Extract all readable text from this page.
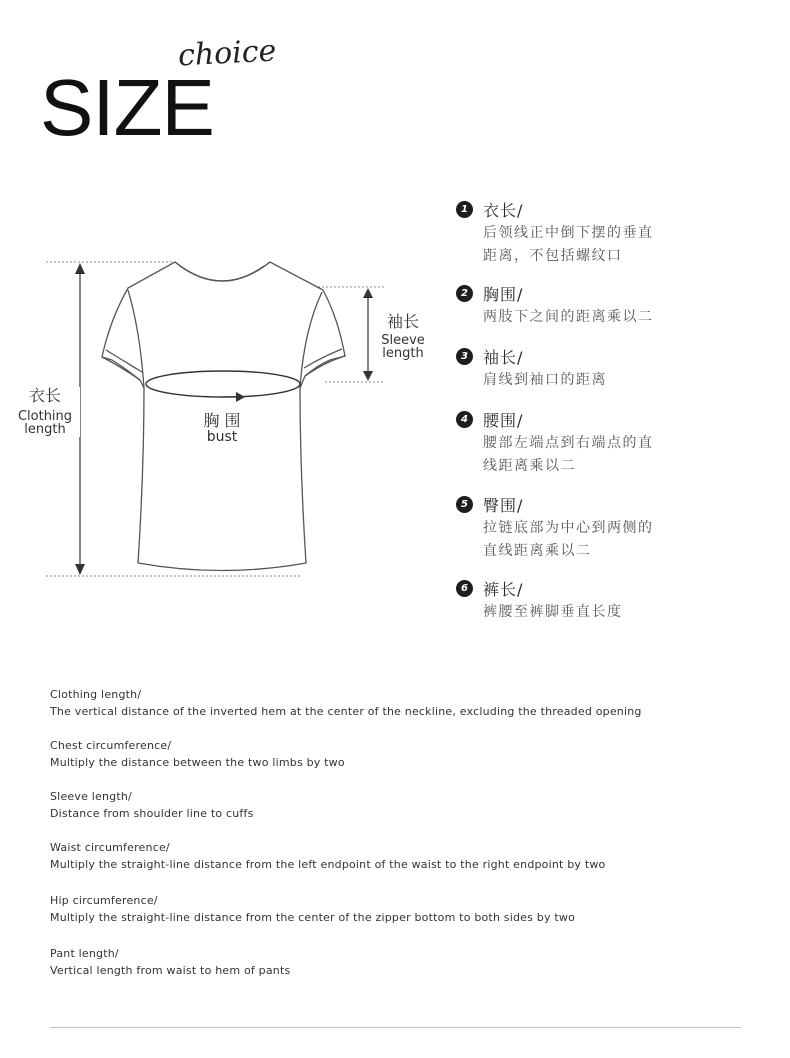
SIZE
choice
衣长
Clothing
length
袖长
Sleeve
length
胸 围
bust
1 衣长/
后领线正中倒下摆的垂直
距离，不包括螺纹口
2 胸围/
两肢下之间的距离乘以二
3 袖长/
肩线到袖口的距离
4 腰围/
腰部左端点到右端点的直
线距离乘以二
5 臀围/
拉链底部为中心到两侧的
直线距离乘以二
6 裤长/
裤腰至裤脚垂直长度
Clothing length/
The vertical distance of the inverted hem at the center of the neckline, excluding the threaded opening
Chest circumference/
Multiply the distance between the two limbs by two
Sleeve length/
Distance from shoulder line to cuffs
Waist circumference/
Multiply the straight-line distance from the left endpoint of the waist to the right endpoint by two
Hip circumference/
Multiply the straight-line distance from the center of the zipper bottom to both sides by two
Pant length/
Vertical length from waist to hem of pants
